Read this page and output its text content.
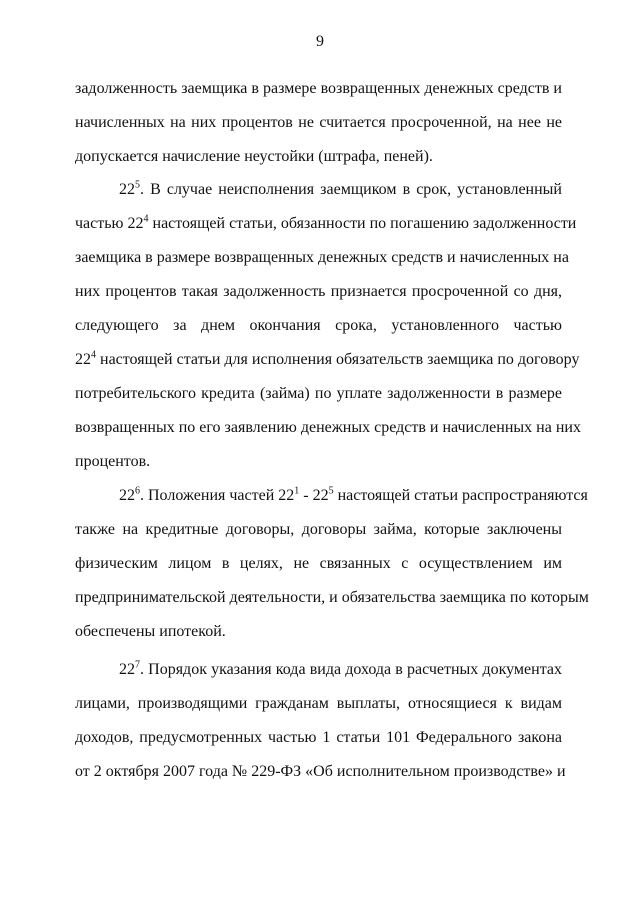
9
задолженность заемщика в размере возвращенных денежных средств и
начисленных на них процентов не считается просроченной, на нее не
допускается начисление неустойки (штрафа, пеней).
$22^5$. В случае неисполнения заемщиком в срок, установленный
частью $22^4$ настоящей статьи, обязанности по погашению задолженности
заемщика в размере возвращенных денежных средств и начисленных на
них процентов такая задолженность признается просроченной со дня,
следующего за днем окончания срока, установленного частью
$22^4$ настоящей статьи для исполнения обязательств заемщика по договору
потребительского кредита (займа) по уплате задолженности в размере
возвращенных по его заявлению денежных средств и начисленных на них
процентов.
$22^6$. Положения частей $22^1 - 22^5$ настоящей статьи распространяются
также на кредитные договоры, договоры займа, которые заключены
физическим лицом в целях, не связанных с осуществлением им
предпринимательской деятельности, и обязательства заемщика по которым
обеспечены ипотекой.
$22^7$. Порядок указания кода вида дохода в расчетных документах
лицами, производящими гражданам выплаты, относящиеся к видам
доходов, предусмотренных частью 1 статьи 101 Федерального закона
от 2 октября 2007 года № 229-ФЗ «Об исполнительном производстве» и
